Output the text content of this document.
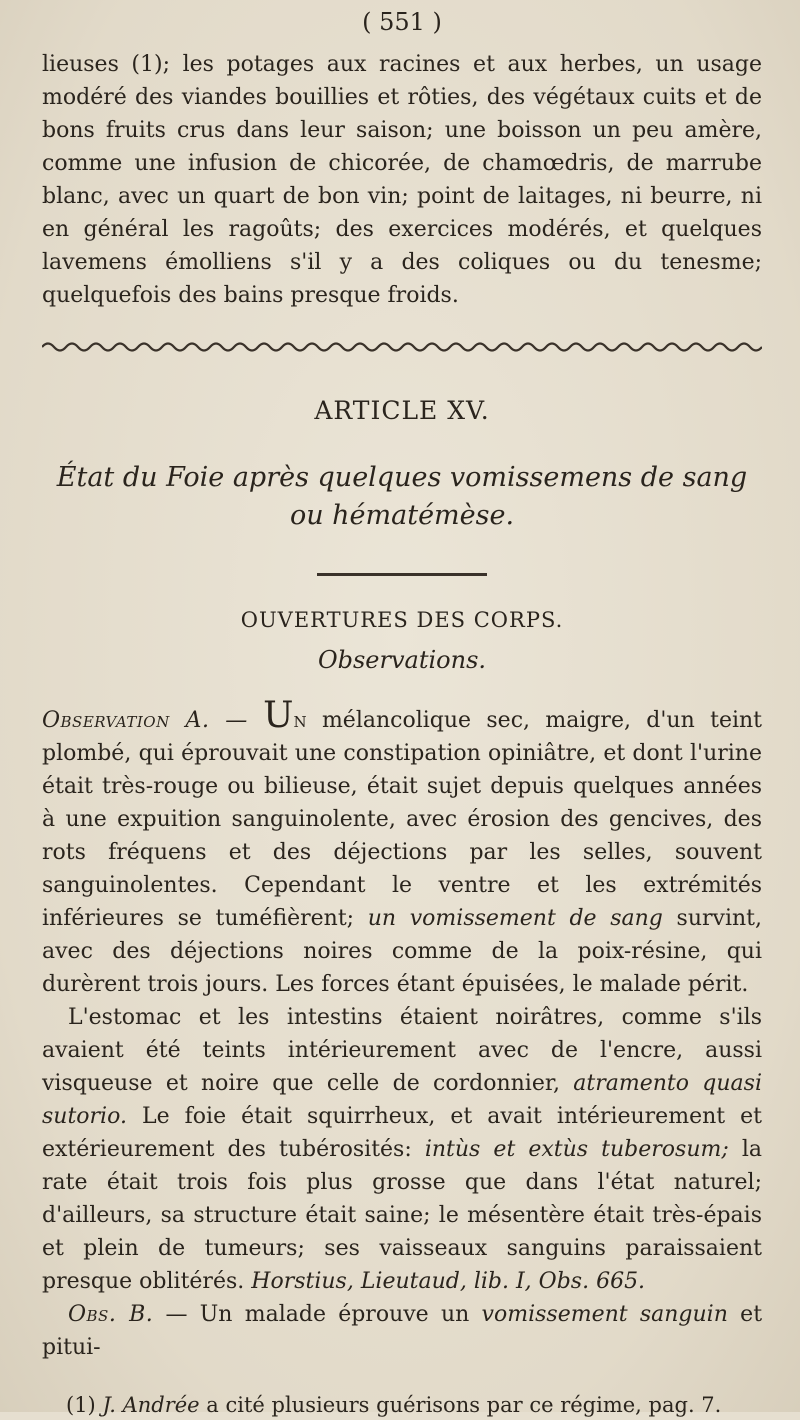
( 551 )

lieuses (1); les potages aux racines et aux herbes, un usage modéré des viandes bouillies et rôties, des végétaux cuits et de bons fruits crus dans leur saison; une boisson un peu amère, comme une infusion de chicorée, de chamœdris, de marrube blanc, avec un quart de bon vin; point de laitages, ni beurre, ni en général les ragoûts; des exercices modérés, et quelques lavemens émolliens s'il y a des coliques ou du tenesme; quelquefois des bains presque froids.

ARTICLE XV.

État du Foie après quelques vomissemens de sang
ou hématémèse.

OUVERTURES DES CORPS.

Observations.

Observation A. — Un mélancolique sec, maigre, d'un teint plombé, qui éprouvait une constipation opiniâtre, et dont l'urine était très-rouge ou bilieuse, était sujet depuis quelques années à une expuition sanguinolente, avec érosion des gencives, des rots fréquens et des déjections par les selles, souvent sanguinolentes. Cependant le ventre et les extrémités inférieures se tuméfièrent; un vomissement de sang survint, avec des déjections noires comme de la poix-résine, qui durèrent trois jours. Les forces étant épuisées, le malade périt.

L'estomac et les intestins étaient noirâtres, comme s'ils avaient été teints intérieurement avec de l'encre, aussi visqueuse et noire que celle de cordonnier, atramento quasi sutorio. Le foie était squirrheux, et avait intérieurement et extérieurement des tubérosités: intùs et extùs tuberosum; la rate était trois fois plus grosse que dans l'état naturel; d'ailleurs, sa structure était saine; le mésentère était très-épais et plein de tumeurs; ses vaisseaux sanguins paraissaient presque oblitérés. Horstius, Lieutaud, lib. I, Obs. 665.

Obs. B. — Un malade éprouve un vomissement sanguin et pitui-

(1) J. Andrée a cité plusieurs guérisons par ce régime, pag. 7.
